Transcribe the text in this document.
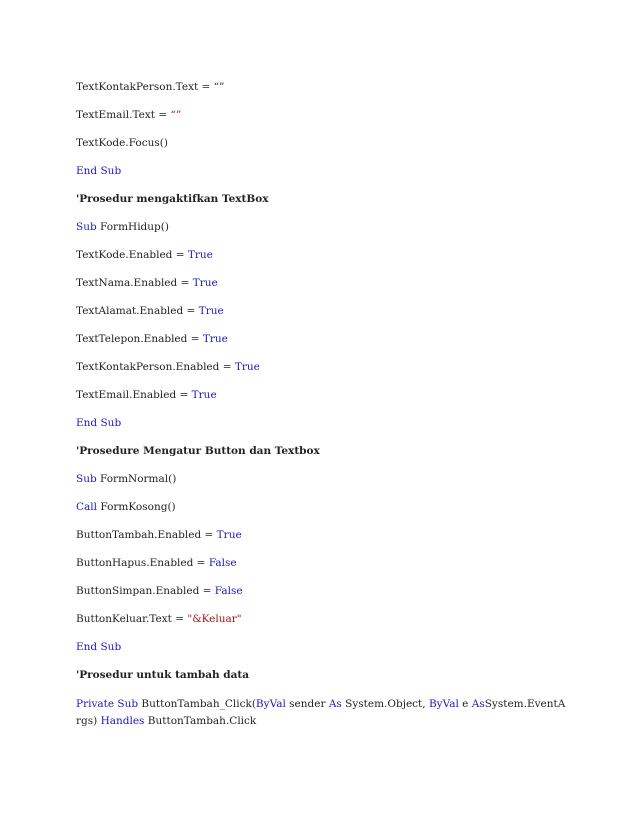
TextKontakPerson.Text = “”
TextEmail.Text = “”
TextKode.Focus()
End Sub
'Prosedur mengaktifkan TextBox
Sub FormHidup()
TextKode.Enabled = True
TextNama.Enabled = True
TextAlamat.Enabled = True
TextTelepon.Enabled = True
TextKontakPerson.Enabled = True
TextEmail.Enabled = True
End Sub
'Prosedure Mengatur Button dan Textbox
Sub FormNormal()
Call FormKosong()
ButtonTambah.Enabled = True
ButtonHapus.Enabled = False
ButtonSimpan.Enabled = False
ButtonKeluar.Text = "&Keluar"
End Sub
'Prosedur untuk tambah data
Private Sub ButtonTambah_Click(ByVal sender As System.Object, ByVal e AsSystem.EventArgs) Handles ButtonTambah.Click
